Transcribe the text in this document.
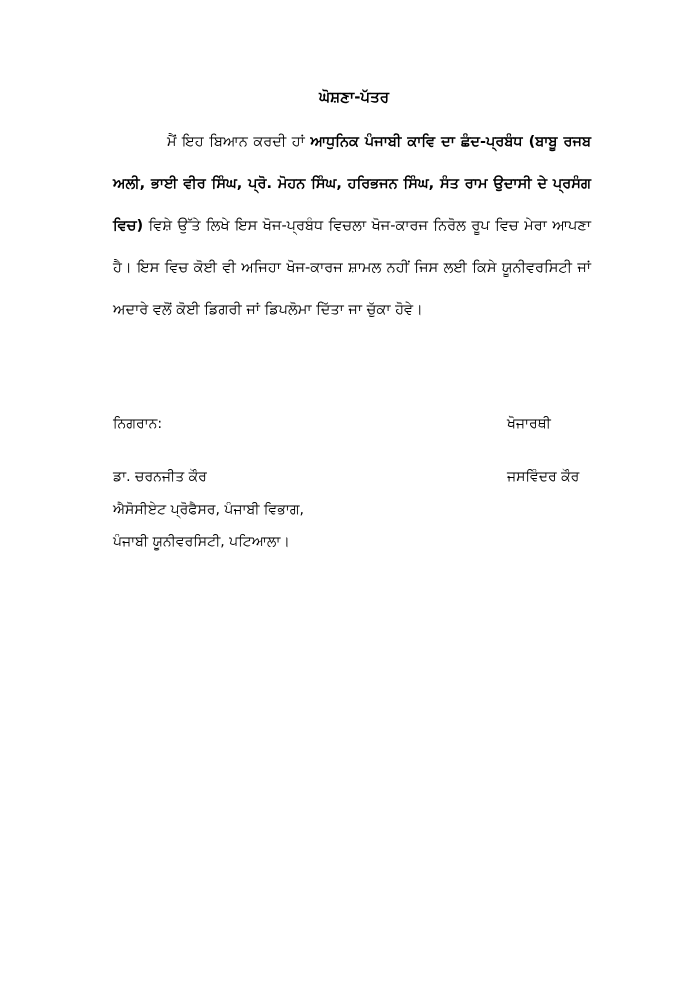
ਘੋਸ਼ਣਾ-ਪੱਤਰ
ਮੈਂ ਇਹ ਬਿਆਨ ਕਰਦੀ ਹਾਂ ਆਧੁਨਿਕ ਪੰਜਾਬੀ ਕਾਵਿ ਦਾ ਛੰਦ-ਪ੍ਰਬੰਧ (ਬਾਬੂ ਰਜਬ ਅਲੀ, ਭਾਈ ਵੀਰ ਸਿੰਘ, ਪ੍ਰੋ. ਮੋਹਨ ਸਿੰਘ, ਹਰਿਭਜਨ ਸਿੰਘ, ਸੰਤ ਰਾਮ ਉਦਾਸੀ ਦੇ ਪ੍ਰਸੰਗ ਵਿਚ) ਵਿਸ਼ੇ ਉੱਤੇ ਲਿਖੇ ਇਸ ਖੋਜ-ਪ੍ਰਬੰਧ ਵਿਚਲਾ ਖੋਜ-ਕਾਰਜ ਨਿਰੋਲ ਰੂਪ ਵਿਚ ਮੇਰਾ ਆਪਣਾ ਹੈ। ਇਸ ਵਿਚ ਕੋਈ ਵੀ ਅਜਿਹਾ ਖੋਜ-ਕਾਰਜ ਸ਼ਾਮਲ ਨਹੀਂ ਜਿਸ ਲਈ ਕਿਸੇ ਯੂਨੀਵਰਸਿਟੀ ਜਾਂ ਅਦਾਰੇ ਵਲੋਂ ਕੋਈ ਡਿਗਰੀ ਜਾਂ ਡਿਪਲੋਮਾ ਦਿੱਤਾ ਜਾ ਚੁੱਕਾ ਹੋਵੇ।
ਨਿਗਰਾਨ:	ਖੋਜਾਰਥੀ
ਡਾ. ਚਰਨਜੀਤ ਕੌਰ	ਜਸਵਿੰਦਰ ਕੌਰ
ਐਸੋਸੀਏਟ ਪ੍ਰੋਫੈਸਰ, ਪੰਜਾਬੀ ਵਿਭਾਗ,
ਪੰਜਾਬੀ ਯੂਨੀਵਰਸਿਟੀ, ਪਟਿਆਲਾ।
